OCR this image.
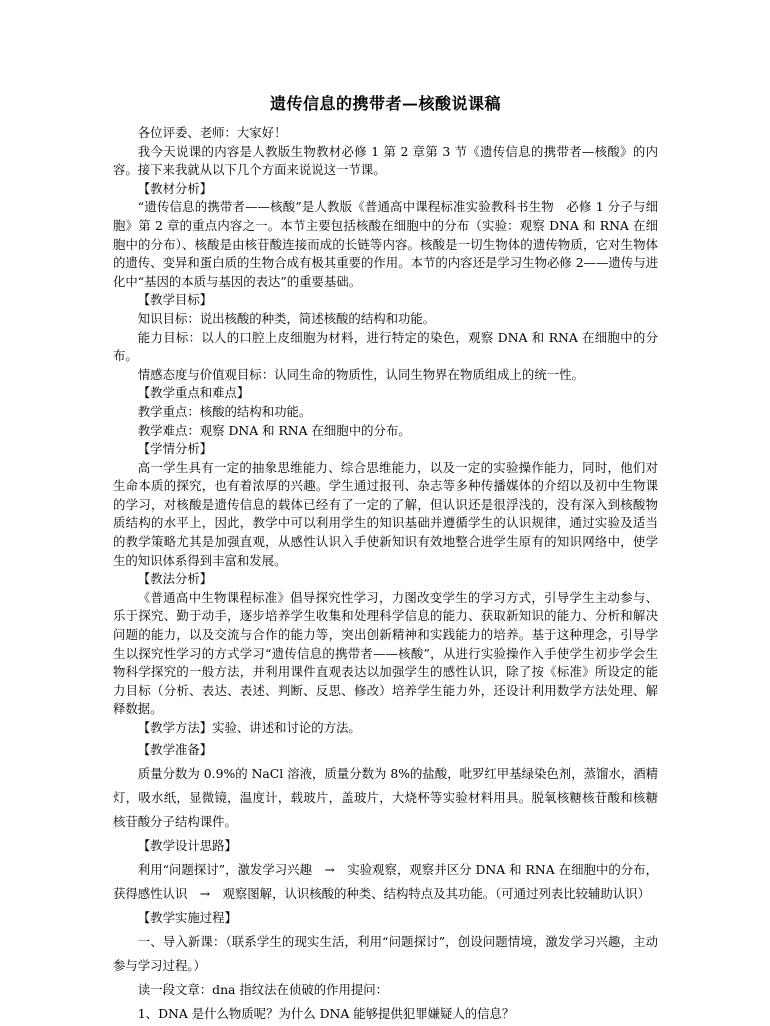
遗传信息的携带者—核酸说课稿

各位评委、老师：大家好！

我今天说课的内容是人教版生物教材必修 1 第 2 章第 3 节《遗传信息的携带者—核酸》的内容。接下来我就从以下几个方面来说说这一节课。

【教材分析】

“遗传信息的携带者——核酸”是人教版《普通高中课程标准实验教科书生物　必修 1 分子与细胞》第 2 章的重点内容之一。本节主要包括核酸在细胞中的分布（实验：观察 DNA 和 RNA 在细胞中的分布）、核酸是由核苷酸连接而成的长链等内容。核酸是一切生物体的遗传物质，它对生物体的遗传、变异和蛋白质的生物合成有极其重要的作用。本节的内容还是学习生物必修 2——遗传与进化中“基因的本质与基因的表达”的重要基础。

【教学目标】

知识目标：说出核酸的种类，简述核酸的结构和功能。

能力目标：以人的口腔上皮细胞为材料，进行特定的染色，观察 DNA 和 RNA 在细胞中的分布。

情感态度与价值观目标：认同生命的物质性，认同生物界在物质组成上的统一性。

【教学重点和难点】

教学重点：核酸的结构和功能。

教学难点：观察 DNA 和 RNA 在细胞中的分布。

【学情分析】

高一学生具有一定的抽象思维能力、综合思维能力，以及一定的实验操作能力，同时，他们对生命本质的探究，也有着浓厚的兴趣。学生通过报刊、杂志等多种传播媒体的介绍以及初中生物课的学习，对核酸是遗传信息的载体已经有了一定的了解，但认识还是很浮浅的，没有深入到核酸物质结构的水平上，因此，教学中可以利用学生的知识基础并遵循学生的认识规律，通过实验及适当的教学策略尤其是加强直观，从感性认识入手使新知识有效地整合进学生原有的知识网络中，使学生的知识体系得到丰富和发展。

【教法分析】

《普通高中生物课程标准》倡导探究性学习，力图改变学生的学习方式，引导学生主动参与、乐于探究、勤于动手，逐步培养学生收集和处理科学信息的能力、获取新知识的能力、分析和解决问题的能力，以及交流与合作的能力等，突出创新精神和实践能力的培养。基于这种理念，引导学生以探究性学习的方式学习“遗传信息的携带者——核酸”，从进行实验操作入手使学生初步学会生物科学探究的一般方法，并利用课件直观表达以加强学生的感性认识，除了按《标准》所设定的能力目标（分析、表达、表述、判断、反思、修改）培养学生能力外，还设计利用数学方法处理、解释数据。

【教学方法】实验、讲述和讨论的方法。

【教学准备】

质量分数为 0.9%的 NaCl 溶液，质量分数为 8%的盐酸，吡罗红甲基绿染色剂，蒸馏水，酒精灯，吸水纸，显微镜，温度计，载玻片，盖玻片，大烧杯等实验材料用具。脱氧核糖核苷酸和核糖核苷酸分子结构课件。

【教学设计思路】

利用“问题探讨”，激发学习兴趣　→　实验观察，观察并区分 DNA 和 RNA 在细胞中的分布，获得感性认识　→　观察图解，认识核酸的种类、结构特点及其功能。（可通过列表比较辅助认识）

【教学实施过程】

一、导入新课：（联系学生的现实生活，利用“问题探讨”，创设问题情境，激发学习兴趣，主动参与学习过程。）

读一段文章：dna 指纹法在侦破的作用提问：

1、DNA 是什么物质呢？为什么 DNA 能够提供犯罪嫌疑人的信息？
